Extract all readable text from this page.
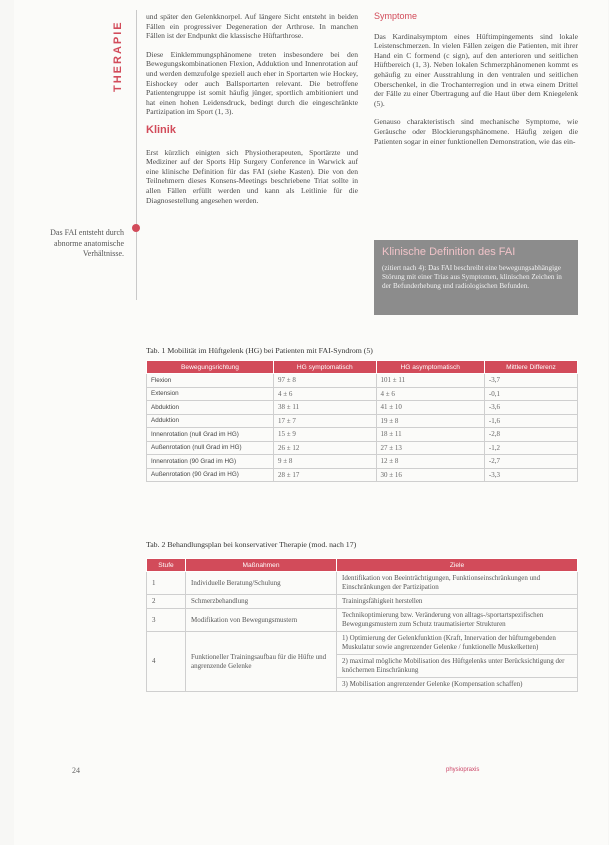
THERAPIE
Das FAI entsteht durch abnorme anatomische Verhältnisse.

und später den Gelenkknorpel. Auf längere Sicht entsteht in beiden Fällen ein progressiver Degeneration der Arthrose. In manchen Fällen ist der Endpunkt die klassische Hüftarthrose.

Diese Einklemmungsphänomene treten insbesondere bei den Bewegungskombinationen Flexion, Adduktion und Innenrotation auf und werden demzufolge speziell auch eher in Sportarten wie Hockey, Eishockey oder auch Ballsportarten relevant. Die betroffene Patientengruppe ist somit häufig jünger, sportlich ambitioniert und hat einen hohen Leidensdruck, bedingt durch die eingeschränkte Partizipation im Sport (1, 3).

Klinik

Erst kürzlich einigten sich Physiotherapeuten, Sportärzte und Mediziner auf der Sports Hip Surgery Conference in Warwick auf eine klinische Definition für das FAI (siehe Kasten). Die von den Teilnehmern dieses Konsens-Meetings beschriebene Triat sollte in allen Fällen erfüllt werden und kann als Leitlinie für die Diagnosestellung angesehen werden.

Symptome

Das Kardinalsymptom eines Hüftimpingements sind lokale Leistenschmerzen. In vielen Fällen zeigen die Patienten, mit ihrer Hand ein C formend (c sign), auf den anterioren und seitlichen Hüftbereich (1, 3). Neben lokalen Schmerzphänomenen kommt es gehäufig zu einer Ausstrahlung in den ventralen und seitlichen Oberschenkel, in die Trochanterregion und in etwa einem Drittel der Fälle zu einer Übertragung auf die Haut über dem Kniegelenk (5).

Genauso charakteristisch sind mechanische Symptome, wie Geräusche oder Blockierungsphänomene. Häufig zeigen die Patienten sogar in einer funktionellen Demonstration, wie das ein-

Klinische Definition des FAI
(zitiert nach 4): Das FAI beschreibt eine bewegungsabhängige Störung mit einer Trias aus Symptomen, klinischen Zeichen in der Befunderhebung und radiologischen Befunden.
Tab. 1 Mobilität im Hüftgelenk (HG) bei Patienten mit FAI-Syndrom (5)
Bewegungsrichtung	HG symptomatisch	HG asymptomatisch	Mittlere Differenz
Flexion	97 ± 8	101 ± 11	-3,7
Extension	4 ± 6	4 ± 6	-0,1
Abduktion	38 ± 11	41 ± 10	-3,6
Adduktion	17 ± 7	19 ± 8	-1,6
Innenrotation (null Grad im HG)	15 ± 9	18 ± 11	-2,8
Außenrotation (null Grad im HG)	26 ± 12	27 ± 13	-1,2
Innenrotation (90 Grad im HG)	9 ± 8	12 ± 8	-2,7
Außenrotation (90 Grad im HG)	28 ± 17	30 ± 16	-3,3
Tab. 2 Behandlungsplan bei konservativer Therapie (mod. nach 17)
Stufe	Maßnahmen	Ziele
1	Individuelle Beratung/Schulung	Identifikation von Beeinträchtigungen, Funktionseinschränkungen und Einschränkungen der Partizipation
2	Schmerzbehandlung	Trainingsfähigkeit herstellen
3	Modifikation von Bewegungsmustern	Technikoptimierung bzw. Veränderung von alltags-/sportartspezifischen Bewegungsmustern zum Schutz traumatisierter Strukturen
4	Funktioneller Trainingsaufbau für die Hüfte und angrenzende Gelenke	1) Optimierung der Gelenkfunktion (Kraft, Innervation der hüftumgebenden Muskulatur sowie angrenzender Gelenke / funktionelle Muskelketten)
		2) maximal mögliche Mobilisation des Hüftgelenks unter Berücksichtigung der knöchernen Einschränkung
		3) Mobilisation angrenzender Gelenke (Kompensation schaffen)
24	physiopraxis
